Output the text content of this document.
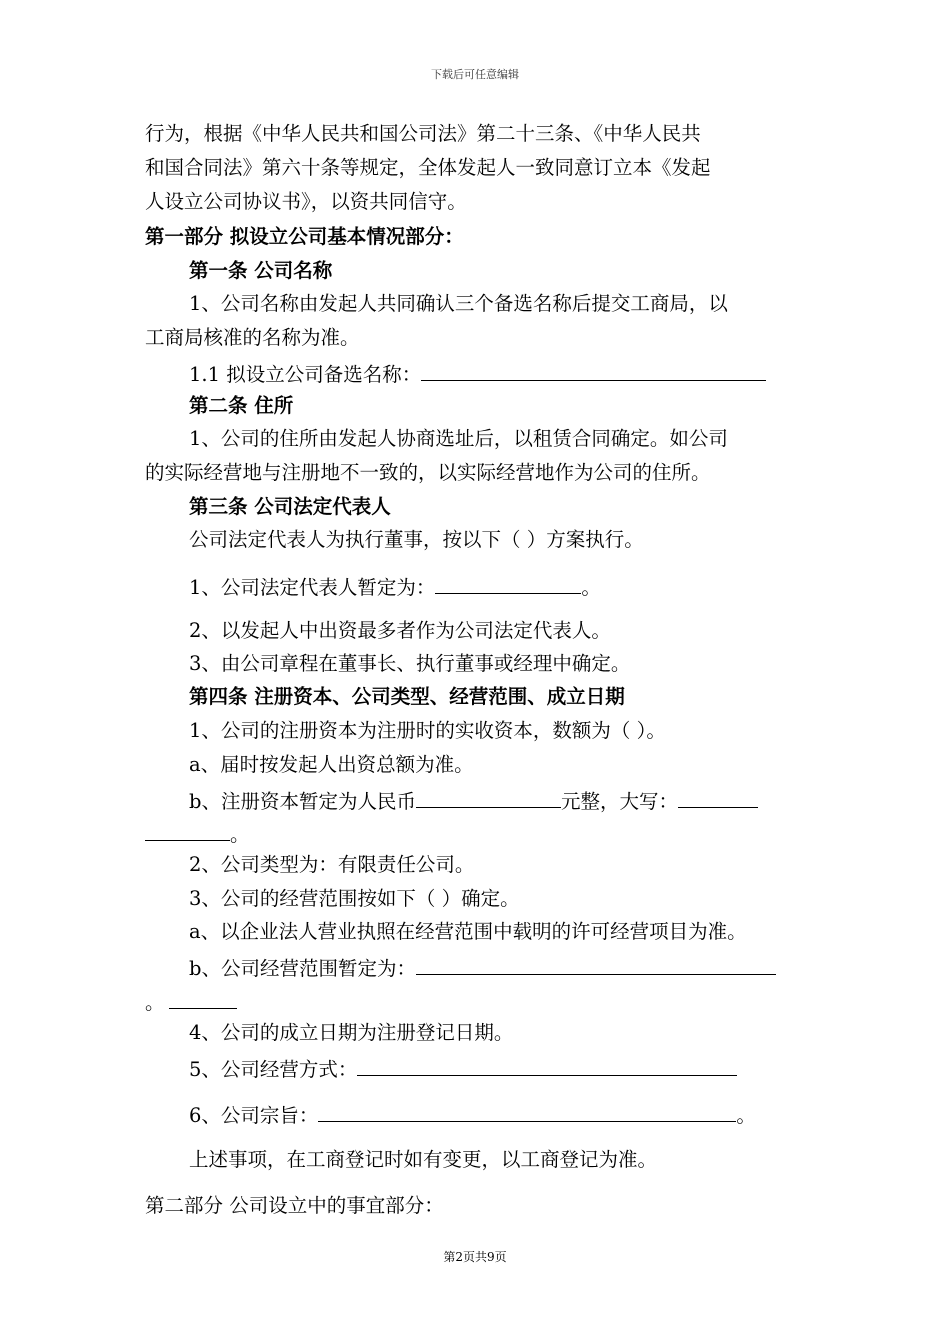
下载后可任意编辑
行为，根据《中华人民共和国公司法》第二十三条、《中华人民共
和国合同法》第六十条等规定，全体发起人一致同意订立本《发起
人设立公司协议书》，以资共同信守。
第一部分 拟设立公司基本情况部分：
第一条 公司名称
1、公司名称由发起人共同确认三个备选名称后提交工商局，以
工商局核准的名称为准。
1.1 拟设立公司备选名称：
第二条 住所
1、公司的住所由发起人协商选址后，以租赁合同确定。如公司
的实际经营地与注册地不一致的，以实际经营地作为公司的住所。
第三条 公司法定代表人
公司法定代表人为执行董事，按以下（ ）方案执行。
1、公司法定代表人暂定为：	。
2、以发起人中出资最多者作为公司法定代表人。
3、由公司章程在董事长、执行董事或经理中确定。
第四条 注册资本、公司类型、经营范围、成立日期
1、公司的注册资本为注册时的实收资本，数额为（ ）。
a、届时按发起人出资总额为准。
b、注册资本暂定为人民币	元整，大写：
。
2、公司类型为：有限责任公司。
3、公司的经营范围按如下（ ）确定。
a、以企业法人营业执照在经营范围中载明的许可经营项目为准。
b、公司经营范围暂定为：
。
4、公司的成立日期为注册登记日期。
5、公司经营方式：
6、公司宗旨：	。
上述事项，在工商登记时如有变更，以工商登记为准。
第二部分 公司设立中的事宜部分：
第2页共9页
